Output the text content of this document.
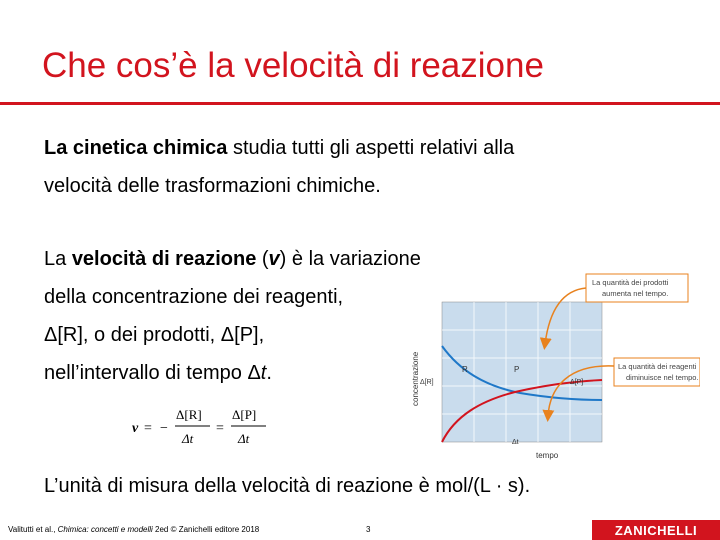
Che cos’è la velocità di reazione

La cinetica chimica studia tutti gli aspetti relativi alla
velocità delle trasformazioni chimiche.

La velocità di reazione (v) è la variazione
della concentrazione dei reagenti,
Δ[R], o dei prodotti, Δ[P],
nell’intervallo di tempo Δt.

v = −
Δ[R]
Δt
=
Δ[P]
Δt
concentrazione
tempo
R	P
Δ[R]	Δ[P]
Δt
La quantità dei prodotti
aumenta nel tempo.
La quantità dei reagenti
diminuisce nel tempo.

L’unità di misura della velocità di reazione è mol/(L · s).

Valitutti et al., Chimica: concetti e modelli 2ed © Zanichelli editore 2018	3	ZANICHELLI
